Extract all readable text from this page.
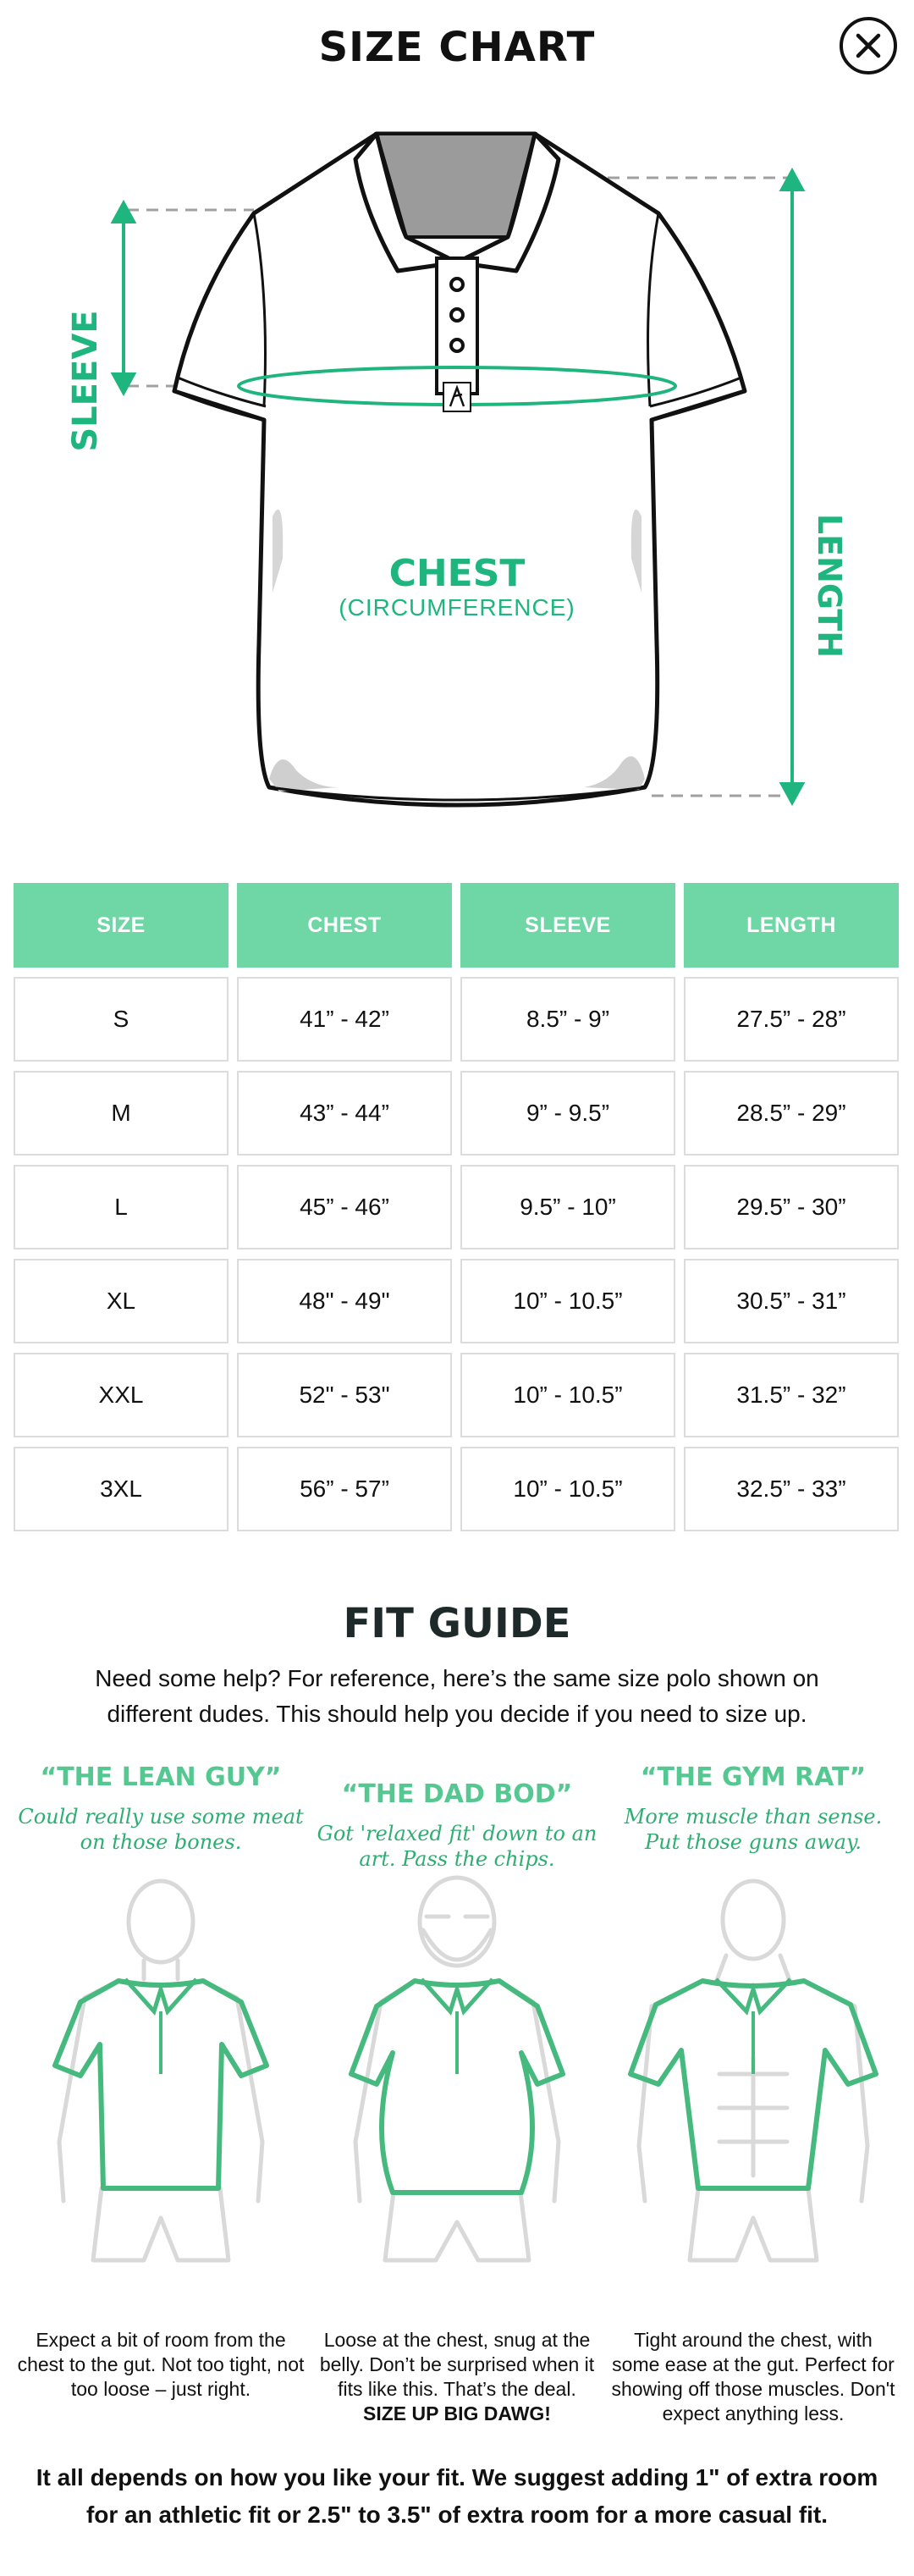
SIZE CHART
SLEEVE
LENGTH
CHEST
(CIRCUMFERENCE)
SIZE	CHEST	SLEEVE	LENGTH
S	41” - 42”	8.5” - 9”	27.5” - 28”
M	43” - 44”	9” - 9.5”	28.5” - 29”
L	45” - 46”	9.5” - 10”	29.5” - 30”
XL	48" - 49"	10” - 10.5”	30.5” - 31”
XXL	52" - 53"	10” - 10.5”	31.5” - 32”
3XL	56” - 57”	10” - 10.5”	32.5” - 33”
FIT GUIDE
Need some help? For reference, here’s the same size polo shown on different dudes. This should help you decide if you need to size up.
“THE LEAN GUY”
Could really use some meat on those bones.
“THE DAD BOD”
Got 'relaxed fit' down to an art. Pass the chips.
“THE GYM RAT”
More muscle than sense. Put those guns away.
Expect a bit of room from the chest to the gut. Not too tight, not too loose – just right.
Loose at the chest, snug at the belly. Don’t be surprised when it fits like this. That’s the deal.
SIZE UP BIG DAWG!
Tight around the chest, with some ease at the gut. Perfect for showing off those muscles. Don't expect anything less.
It all depends on how you like your fit. We suggest adding 1" of extra room for an athletic fit or 2.5" to 3.5" of extra room for a more casual fit.
